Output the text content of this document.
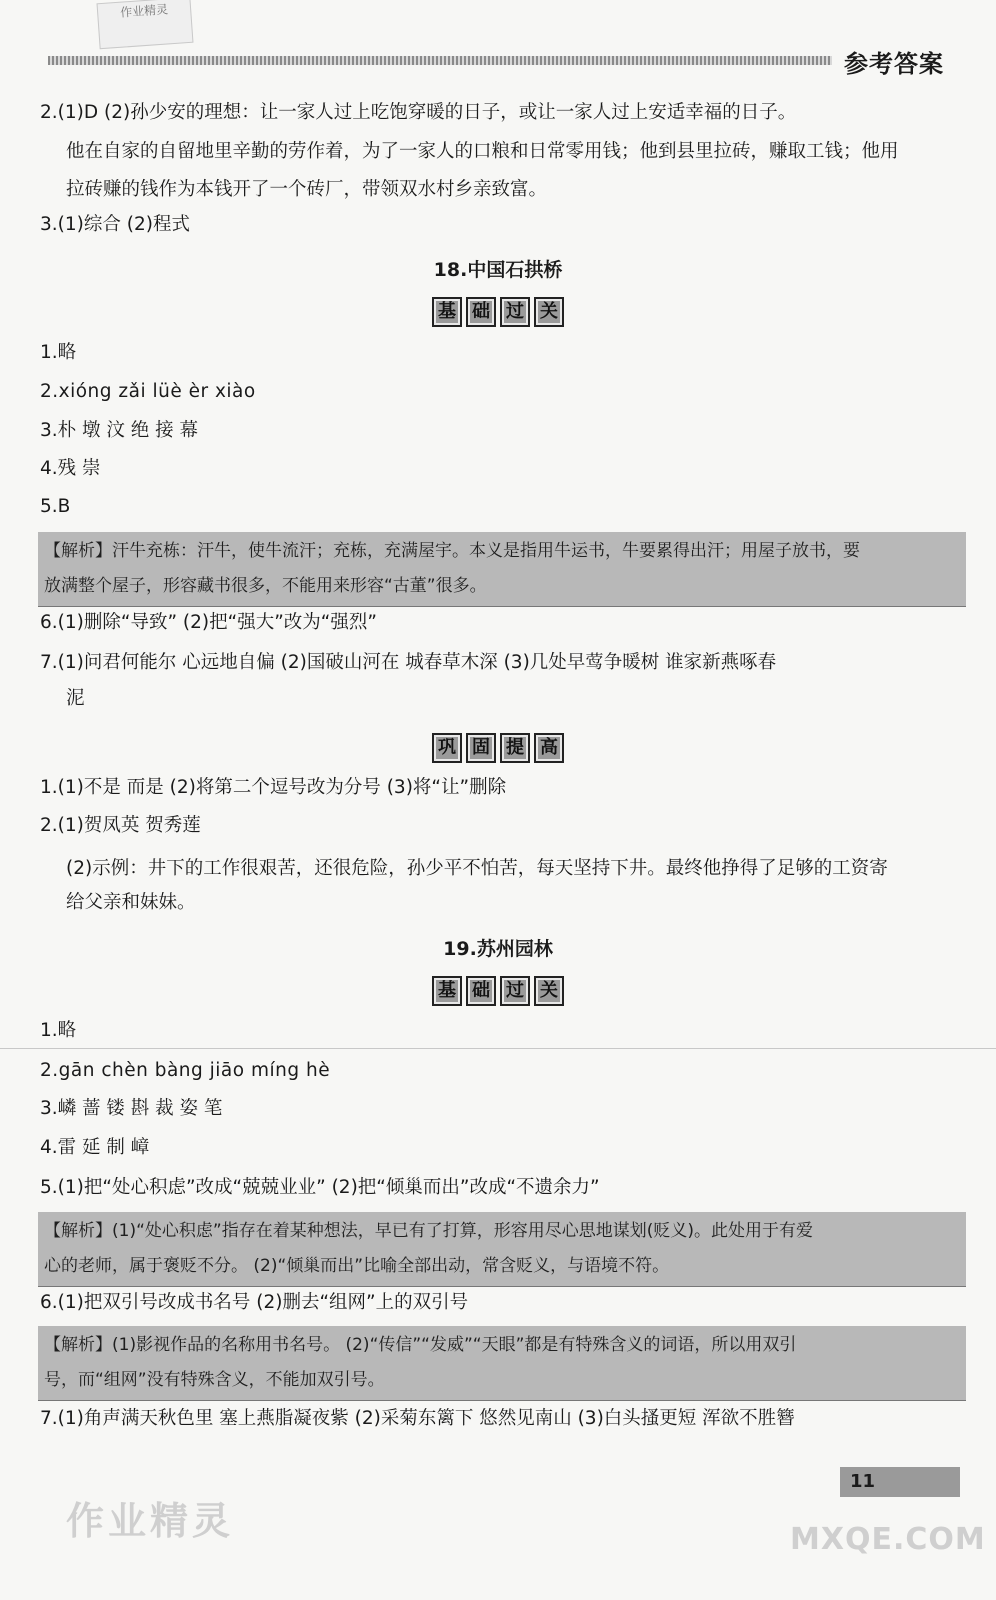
作业精灵
参考答案
2.(1)D (2)孙少安的理想：让一家人过上吃饱穿暖的日子，或让一家人过上安适幸福的日子。
他在自家的自留地里辛勤的劳作着，为了一家人的口粮和日常零用钱；他到县里拉砖，赚取工钱；他用
拉砖赚的钱作为本钱开了一个砖厂，带领双水村乡亲致富。
3.(1)综合 (2)程式
18.中国石拱桥
基 础 过 关
1.略
2.xióng zǎi lüè èr xiào
3.朴 墩 汶 绝 接 幕
4.残 崇
5.B
【解析】汗牛充栋：汗牛，使牛流汗；充栋，充满屋宇。本义是指用牛运书，牛要累得出汗；用屋子放书，要
放满整个屋子，形容藏书很多，不能用来形容“古董”很多。
6.(1)删除“导致” (2)把“强大”改为“强烈”
7.(1)问君何能尔 心远地自偏 (2)国破山河在 城春草木深 (3)几处早莺争暖树 谁家新燕啄春
泥
巩 固 提 高
1.(1)不是 而是 (2)将第二个逗号改为分号 (3)将“让”删除
2.(1)贺凤英 贺秀莲
(2)示例：井下的工作很艰苦，还很危险，孙少平不怕苦，每天坚持下井。最终他挣得了足够的工资寄
给父亲和妹妹。
19.苏州园林
基 础 过 关
1.略
2.gān chèn bàng jiāo míng hè
3.嶙 蔷 镂 斟 裁 姿 笔
4.雷 延 制 嶂
5.(1)把“处心积虑”改成“兢兢业业” (2)把“倾巢而出”改成“不遗余力”
【解析】(1)“处心积虑”指存在着某种想法，早已有了打算，形容用尽心思地谋划(贬义)。此处用于有爱
心的老师，属于褒贬不分。 (2)“倾巢而出”比喻全部出动，常含贬义，与语境不符。
6.(1)把双引号改成书名号 (2)删去“组网”上的双引号
【解析】(1)影视作品的名称用书名号。 (2)“传信”“发威”“天眼”都是有特殊含义的词语，所以用双引
号，而“组网”没有特殊含义，不能加双引号。
7.(1)角声满天秋色里 塞上燕脂凝夜紫 (2)采菊东篱下 悠然见南山 (3)白头搔更短 浑欲不胜簪
11
作业精灵	MXQE.COM
